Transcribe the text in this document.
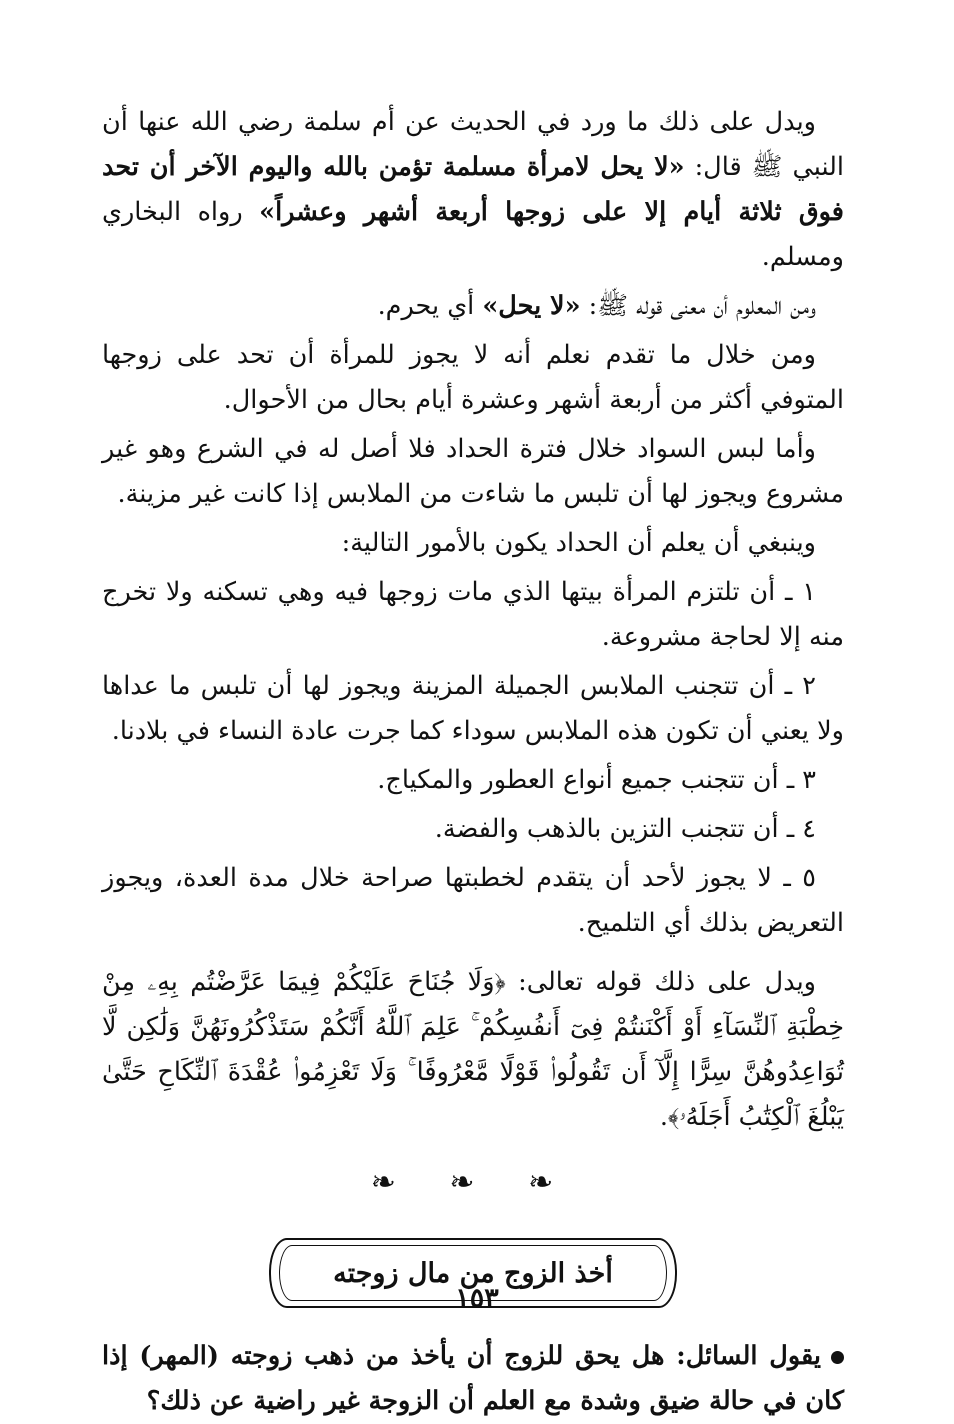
ويدل على ذلك ما ورد في الحديث عن أم سلمة رضي الله عنها أن النبي ﷺ قال: «لا يحل لامرأة مسلمة تؤمن بالله واليوم الآخر أن تحد فوق ثلاثة أيام إلا على زوجها أربعة أشهر وعشراً» رواه البخاري ومسلم.

ومن المعلوم أن معنى قوله ﷺ: «لا يحل» أي يحرم.

ومن خلال ما تقدم نعلم أنه لا يجوز للمرأة أن تحد على زوجها المتوفي أكثر من أربعة أشهر وعشرة أيام بحال من الأحوال.

وأما لبس السواد خلال فترة الحداد فلا أصل له في الشرع وهو غير مشروع ويجوز لها أن تلبس ما شاءت من الملابس إذا كانت غير مزينة.

وينبغي أن يعلم أن الحداد يكون بالأمور التالية:

١ ـ أن تلتزم المرأة بيتها الذي مات زوجها فيه وهي تسكنه ولا تخرج منه إلا لحاجة مشروعة.

٢ ـ أن تتجنب الملابس الجميلة المزينة ويجوز لها أن تلبس ما عداها ولا يعني أن تكون هذه الملابس سوداء كما جرت عادة النساء في بلادنا.

٣ ـ أن تتجنب جميع أنواع العطور والمكياج.

٤ ـ أن تتجنب التزين بالذهب والفضة.

٥ ـ لا يجوز لأحد أن يتقدم لخطبتها صراحة خلال مدة العدة، ويجوز التعريض بذلك أي التلميح.

ويدل على ذلك قوله تعالى: ﴿وَلَا جُنَاحَ عَلَيْكُمْ فِيمَا عَرَّضْتُم بِهِۦ مِنْ خِطْبَةِ ٱلنِّسَآءِ أَوْ أَكْنَنتُمْ فِىٓ أَنفُسِكُمْ ۚ عَلِمَ ٱللَّهُ أَنَّكُمْ سَتَذْكُرُونَهُنَّ وَلَٰكِن لَّا تُوَاعِدُوهُنَّ سِرًّا إِلَّآ أَن تَقُولُوا۟ قَوْلًا مَّعْرُوفًا ۚ وَلَا تَعْزِمُوا۟ عُقْدَةَ ٱلنِّكَاحِ حَتَّىٰ يَبْلُغَ ٱلْكِتَٰبُ أَجَلَهُۥ﴾.

❧ ❧ ❧
أخذ الزوج من مال زوجته

يقول السائل: هل يحق للزوج أن يأخذ من ذهب زوجته (المهر) إذا كان في حالة ضيق وشدة مع العلم أن الزوجة غير راضية عن ذلك؟

١٥٣
